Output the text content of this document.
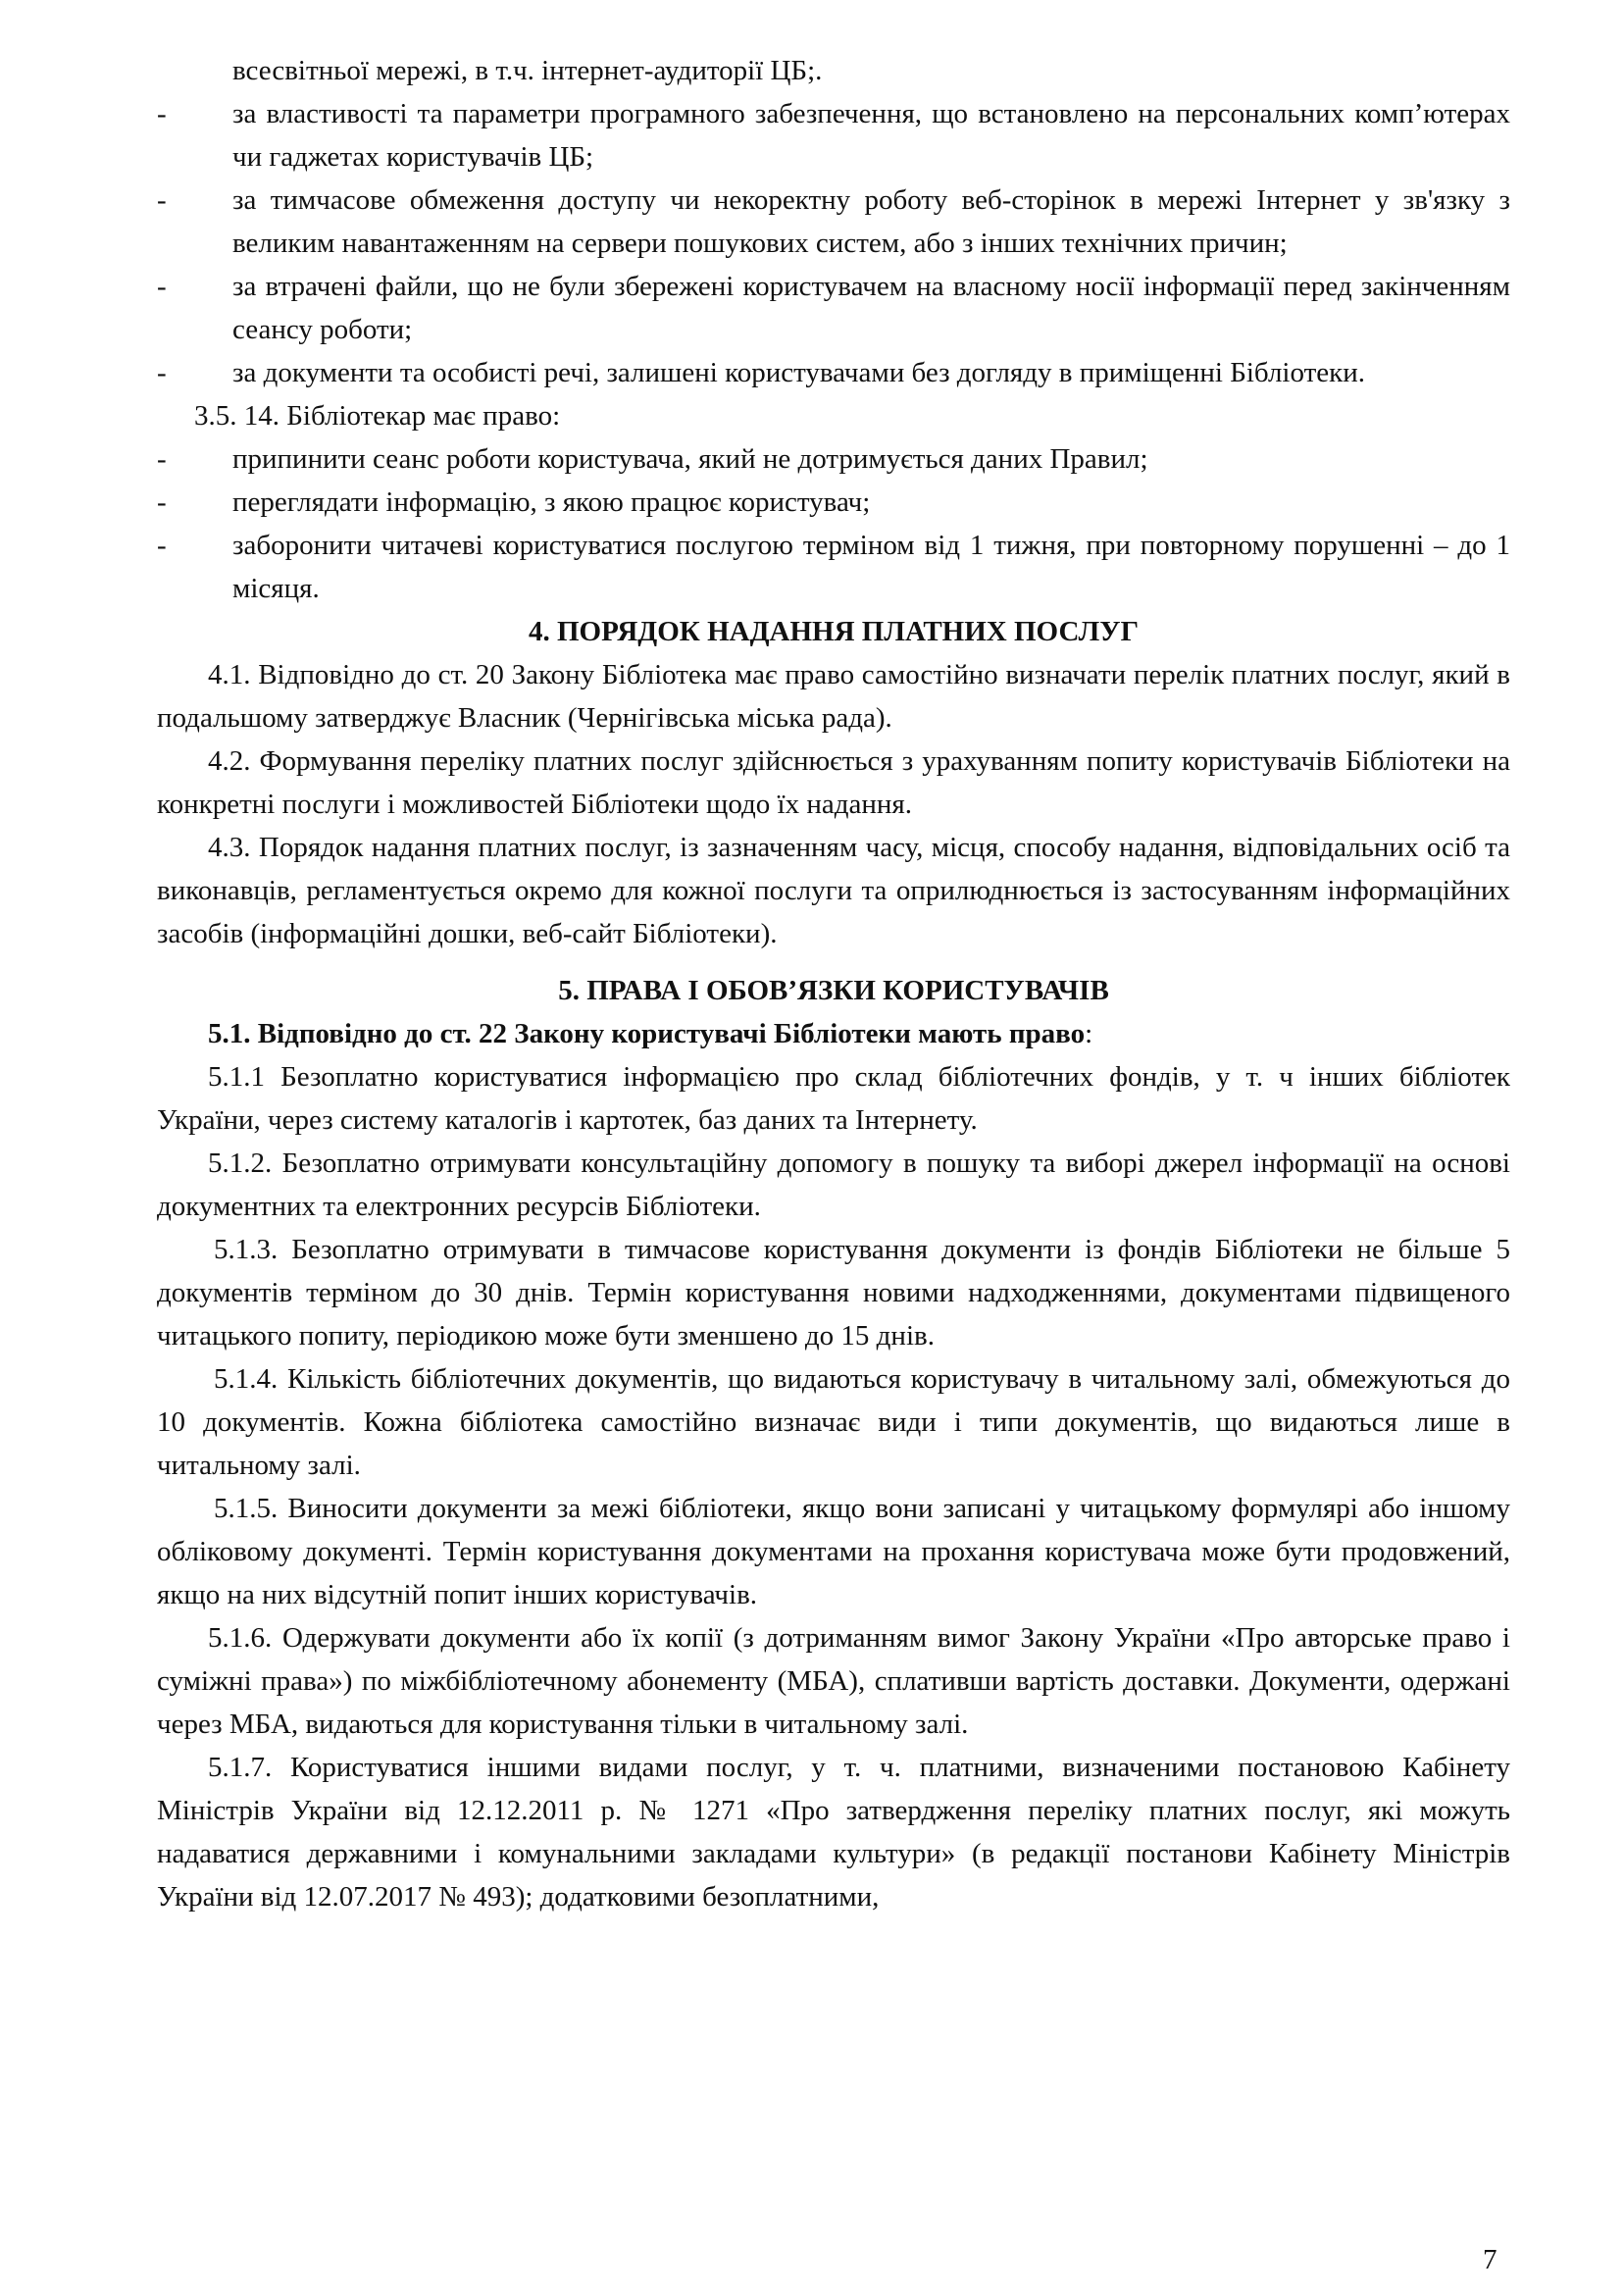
всесвітньої мережі, в т.ч. інтернет-аудиторії ЦБ;.
-	за властивості та параметри програмного забезпечення, що встановлено на персональних комп’ютерах чи гаджетах користувачів ЦБ;
-	за тимчасове обмеження доступу чи некоректну роботу веб-сторінок в мережі Інтернет у зв'язку з великим навантаженням на сервери пошукових систем, або з інших технічних причин;
-	за втрачені файли, що не були збережені користувачем на власному носії інформації перед закінченням сеансу роботи;
-	за документи та особисті речі, залишені користувачами без догляду в приміщенні Бібліотеки.
3.5. 14. Бібліотекар має право:
-	припинити сеанс роботи користувача, який не дотримується даних Правил;
-	переглядати інформацію, з якою працює користувач;
-	заборонити читачеві користуватися послугою терміном від 1 тижня, при повторному порушенні – до 1 місяця.
4. ПОРЯДОК НАДАННЯ ПЛАТНИХ ПОСЛУГ

4.1. Відповідно до ст. 20 Закону Бібліотека має право самостійно визначати перелік платних послуг, який в подальшому затверджує Власник (Чернігівська міська рада).

4.2. Формування переліку платних послуг здійснюється з урахуванням попиту користувачів Бібліотеки на конкретні послуги і можливостей Бібліотеки щодо їх надання.

4.3. Порядок надання платних послуг, із зазначенням часу, місця, способу надання, відповідальних осіб та виконавців, регламентується окремо для кожної послуги та оприлюднюється із застосуванням інформаційних засобів (інформаційні дошки, веб-сайт Бібліотеки).

5. ПРАВА І ОБОВ’ЯЗКИ КОРИСТУВАЧІВ

5.1. Відповідно до ст. 22 Закону користувачі Бібліотеки мають право:

5.1.1 Безоплатно користуватися інформацією про склад бібліотечних фондів, у т. ч інших бібліотек України, через систему каталогів і картотек, баз даних та Інтернету.

5.1.2. Безоплатно отримувати консультаційну допомогу в пошуку та виборі джерел інформації на основі документних та електронних ресурсів Бібліотеки.

5.1.3. Безоплатно отримувати в тимчасове користування документи із фондів Бібліотеки не більше 5 документів терміном до 30 днів. Термін користування новими надходженнями, документами підвищеного читацького попиту, періодикою може бути зменшено до 15 днів.

5.1.4. Кількість бібліотечних документів, що видаються користувачу в читальному залі, обмежуються до 10 документів. Кожна бібліотека самостійно визначає види і типи документів, що видаються лише в читальному залі.

5.1.5. Виносити документи за межі бібліотеки, якщо вони записані у читацькому формулярі або іншому обліковому документі. Термін користування документами на прохання користувача може бути продовжений, якщо на них відсутній попит інших користувачів.

5.1.6. Одержувати документи або їх копії (з дотриманням вимог Закону України «Про авторське право і суміжні права») по міжбібліотечному абонементу (МБА), сплативши вартість доставки. Документи, одержані через МБА, видаються для користування тільки в читальному залі.

5.1.7. Користуватися іншими видами послуг, у т. ч. платними, визначеними постановою Кабінету Міністрів України від 12.12.2011 р. № 1271 «Про затвердження переліку платних послуг, які можуть надаватися державними і комунальними закладами культури» (в редакції постанови Кабінету Міністрів України від 12.07.2017 № 493); додатковими безоплатними,

7
